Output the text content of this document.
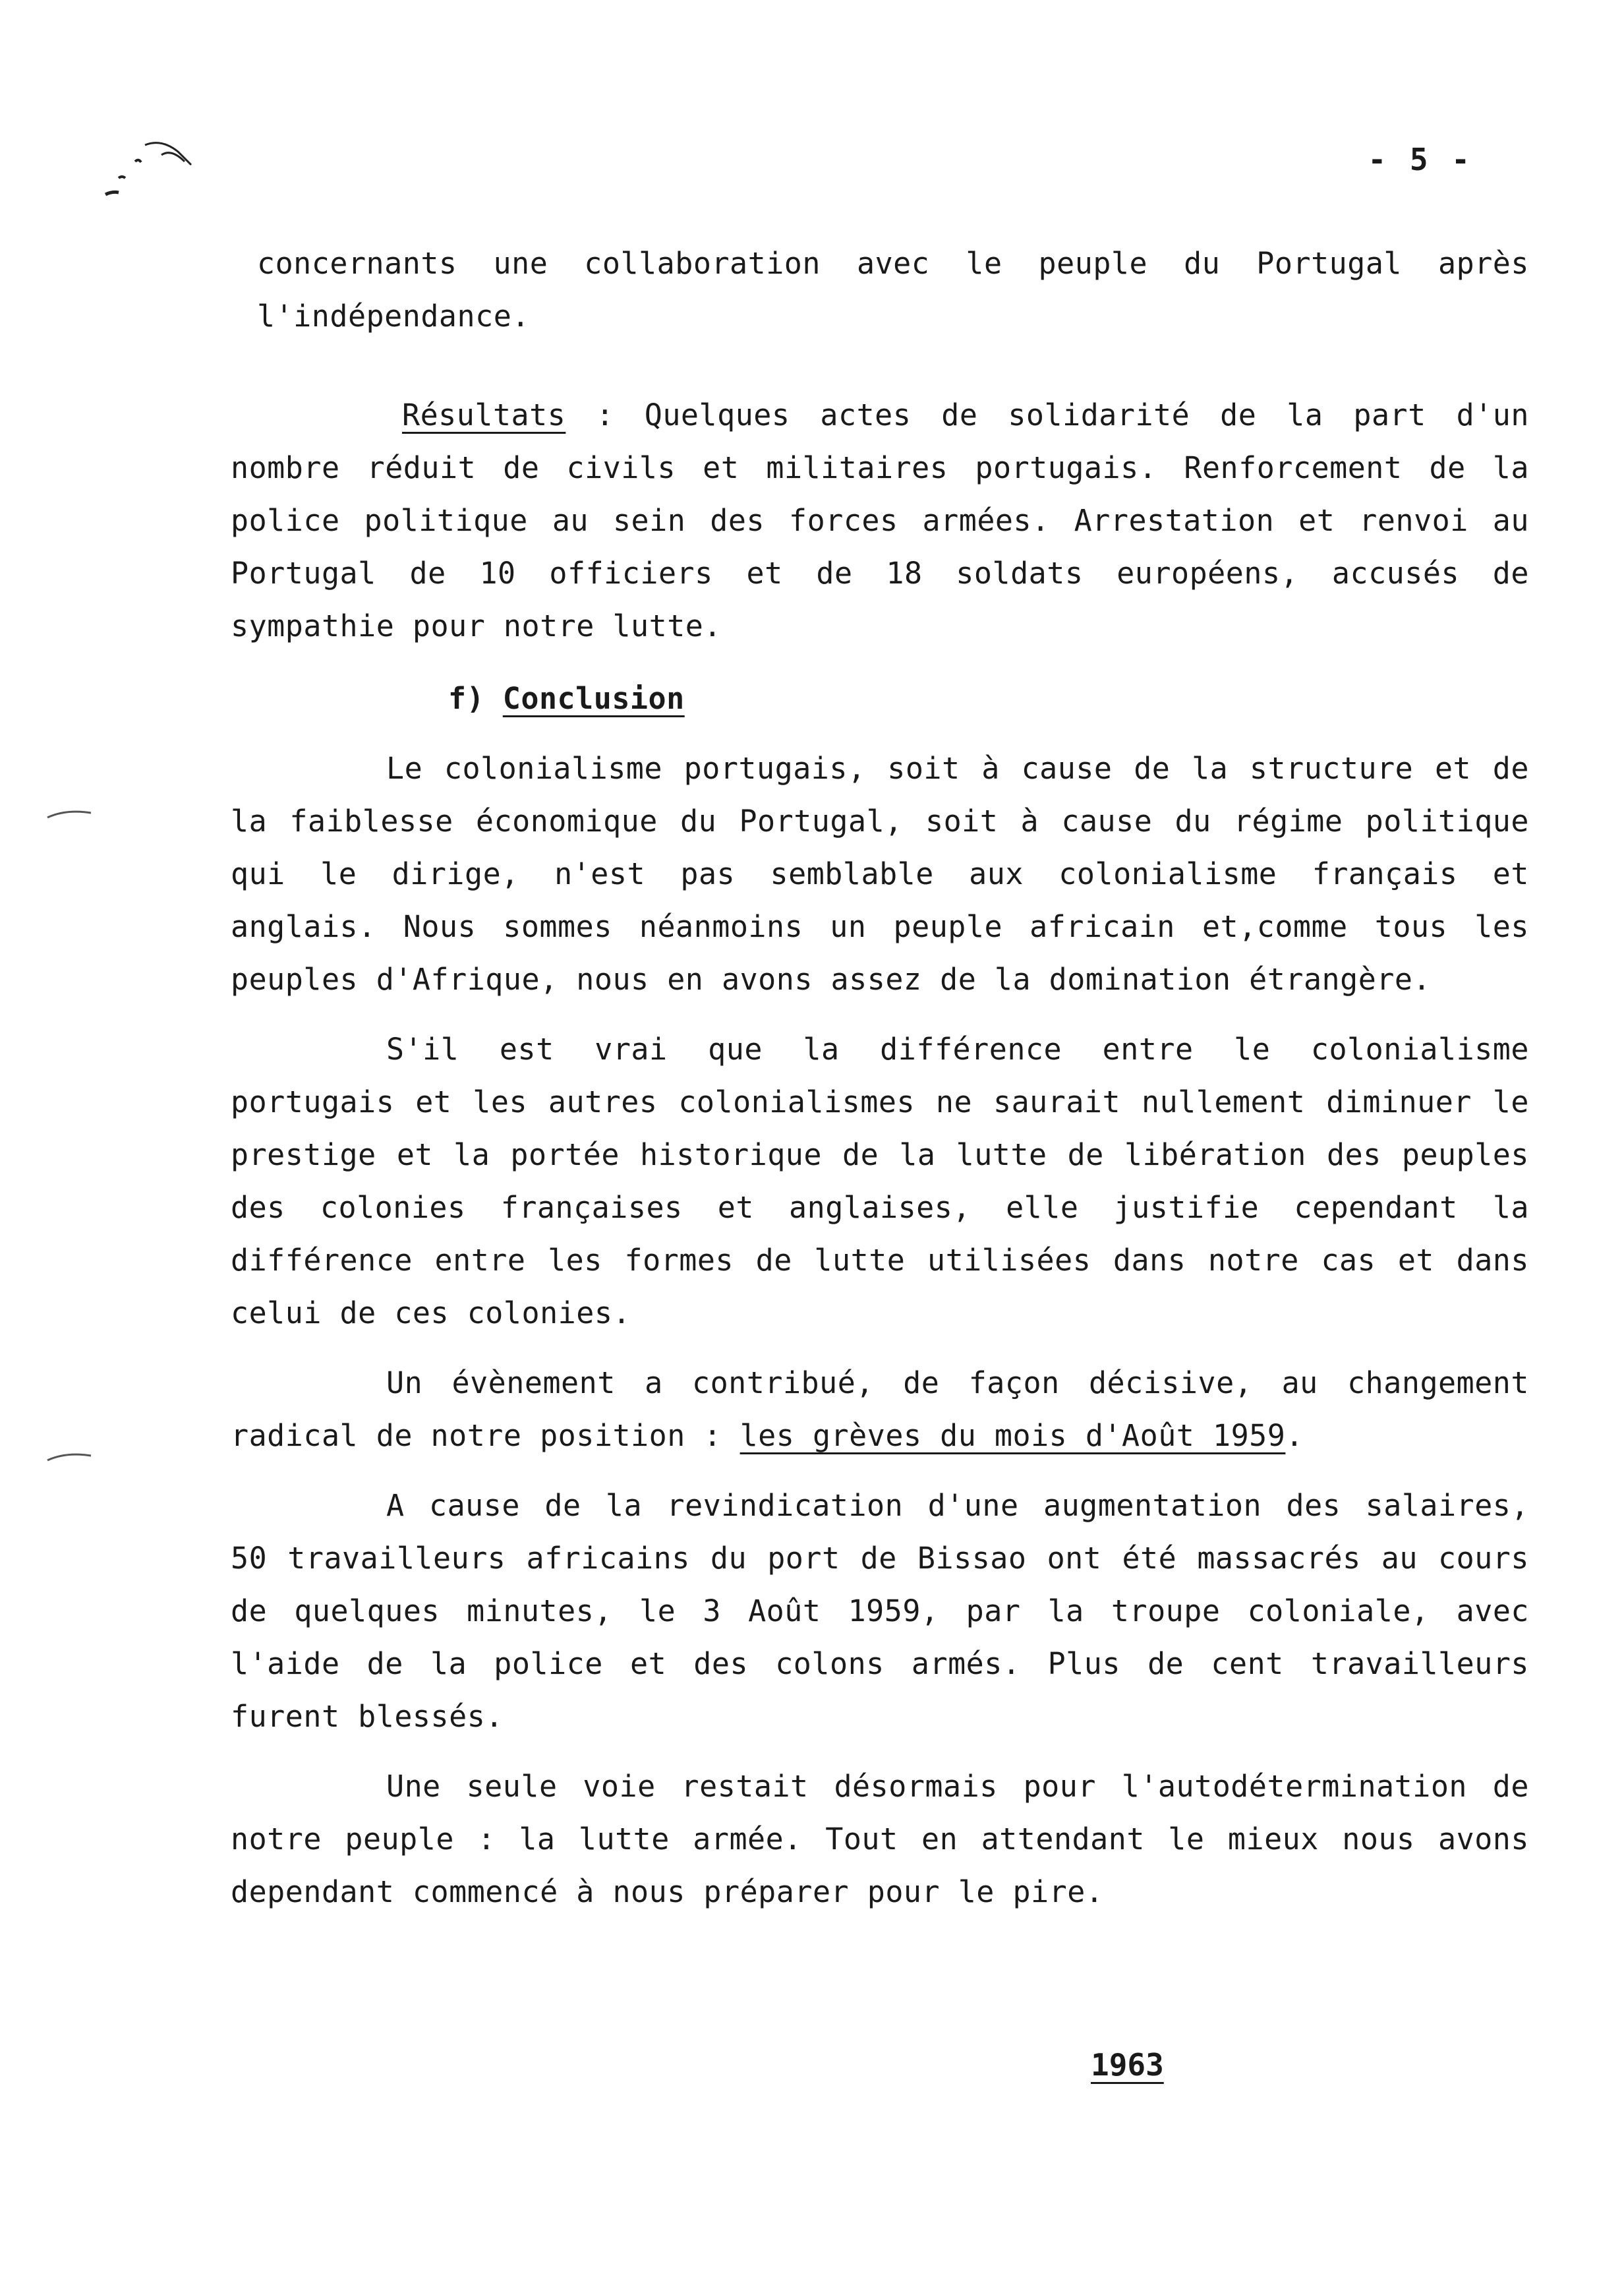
- 5 -

concernants une collaboration avec le peuple du Portugal après l'indépendance.

Résultats : Quelques actes de solidarité de la part d'un nombre réduit de civils et militaires portugais. Renforcement de la police politique au sein des forces armées. Arrestation et renvoi au Portugal de 10 officiers et de 18 soldats européens, accusés de sympathie pour notre lutte.

f) Conclusion

Le colonialisme portugais, soit à cause de la structure et de la faiblesse économique du Portugal, soit à cause du régime politique qui le dirige, n'est pas semblable aux colonialisme français et anglais. Nous sommes néanmoins un peuple africain et,comme tous les peuples d'Afrique, nous en avons assez de la domination étrangère.

S'il est vrai que la différence entre le colonialisme portugais et les autres colonialismes ne saurait nullement diminuer le prestige et la portée historique de la lutte de libération des peuples des colonies françaises et anglaises, elle justifie cependant la différence entre les formes de lutte utilisées dans notre cas et dans celui de ces colonies.

Un évènement a contribué, de façon décisive, au changement radical de notre position : les grèves du mois d'Août 1959.

A cause de la revindication d'une augmentation des salaires, 50 travailleurs africains du port de Bissao ont été massacrés au cours de quelques minutes, le 3 Août 1959, par la troupe coloniale, avec l'aide de la police et des colons armés. Plus de cent travailleurs furent blessés.

Une seule voie restait désormais pour l'autodétermination de notre peuple : la lutte armée. Tout en attendant le mieux nous avons dependant commencé à nous préparer pour le pire.

1963
